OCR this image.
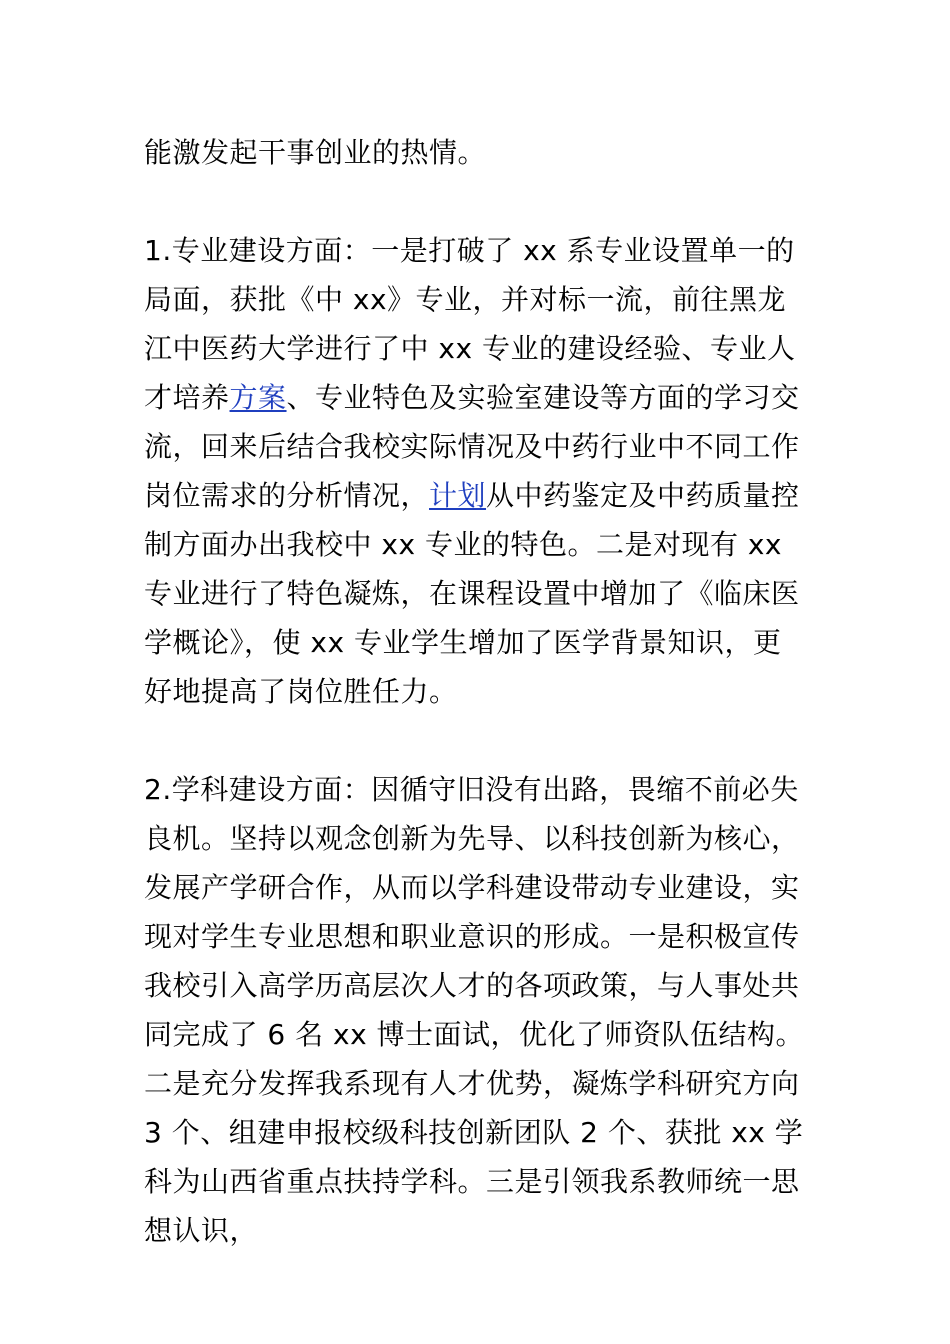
能激发起干事创业的热情。

1.专业建设方面：一是打破了 xx 系专业设置单一的局面，获批《中 xx》专业，并对标一流，前往黑龙江中医药大学进行了中 xx 专业的建设经验、专业人才培养方案、专业特色及实验室建设等方面的学习交流，回来后结合我校实际情况及中药行业中不同工作岗位需求的分析情况，计划从中药鉴定及中药质量控制方面办出我校中 xx 专业的特色。二是对现有 xx 专业进行了特色凝炼，在课程设置中增加了《临床医学概论》，使 xx 专业学生增加了医学背景知识，更好地提高了岗位胜任力。

2.学科建设方面：因循守旧没有出路，畏缩不前必失良机。坚持以观念创新为先导、以科技创新为核心，发展产学研合作，从而以学科建设带动专业建设，实现对学生专业思想和职业意识的形成。一是积极宣传我校引入高学历高层次人才的各项政策，与人事处共同完成了 6 名 xx 博士面试，优化了师资队伍结构。二是充分发挥我系现有人才优势，凝炼学科研究方向 3 个、组建申报校级科技创新团队 2 个、获批 xx 学科为山西省重点扶持学科。三是引领我系教师统一思想认识，
